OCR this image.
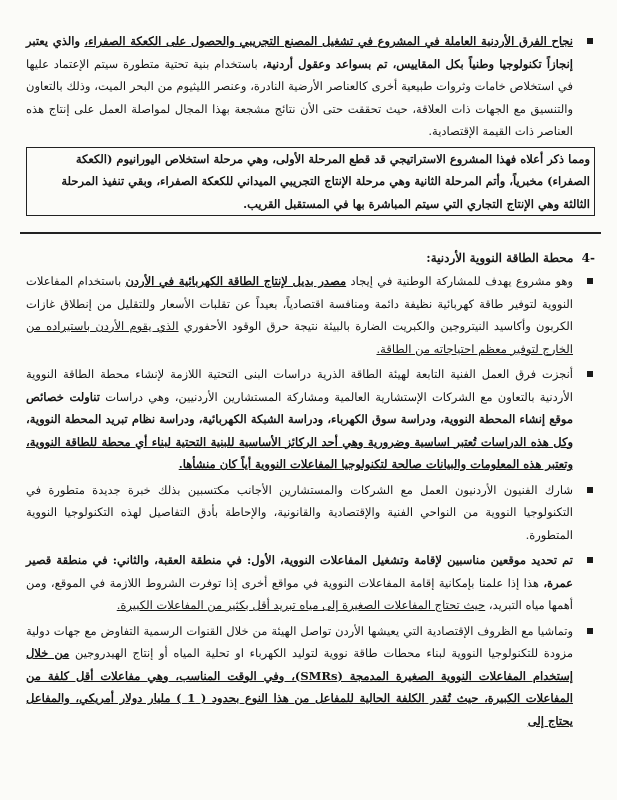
نجاح الفرق الأردنية العاملة في المشروع في تشغيل المصنع التجريبي والحصول على الكعكة الصفراء، والذي يعتبر إنجازاً تكنولوجيا وطنياً بكل المقاييس، تم بسواعد وعقول أردنية، باستخدام بنية تحتية متطورة سيتم الإعتماد عليها في استخلاص خامات وثروات طبيعية أخرى كالعناصر الأرضية النادرة، وعنصر الليثيوم من البحر الميت، وذلك بالتعاون والتنسيق مع الجهات ذات العلاقة، حيث تحققت حتى الأن نتائج مشجعة بهذا المجال لمواصلة العمل على إنتاج هذه العناصر ذات القيمة الإقتصادية.

ومما ذكر أعلاه فهذا المشروع الاستراتيجي قد قطع المرحلة الأولى، وهي مرحلة استخلاص اليورانيوم (الكعكة الصفراء) مخبرياً، وأتم المرحلة الثانية وهي مرحلة الإنتاج التجريبي الميداني للكعكة الصفراء، وبقي تنفيذ المرحلة الثالثة وهي الإنتاج التجاري التي سيتم المباشرة بها في المستقبل القريب.
-4 محطة الطاقة النووية الأردنية:

وهو مشروع يهدف للمشاركة الوطنية في إيجاد مصدر بديل لإنتاج الطاقة الكهربائية في الأردن باستخدام المفاعلات النووية لتوفير طاقة كهربائية نظيفة دائمة ومنافسة اقتصادياً، بعيداً عن تقلبات الأسعار وللتقليل من إنطلاق غازات الكربون وأكاسيد النيتروجين والكبريت الضارة بالبيئة نتيجة حرق الوقود الأحفوري الذي يقوم الأردن باستيراده من الخارج لتوفير معظم احتياجاته من الطاقة.

أنجزت فرق العمل الفنية التابعة لهيئة الطاقة الذرية دراسات البنى التحتية اللازمة لإنشاء محطة الطاقة النووية الأردنية بالتعاون مع الشركات الإستشارية العالمية ومشاركة المستشارين الأردنيين، وهي دراسات تناولت خصائص موقع إنشاء المحطة النووية، ودراسة سوق الكهرباء، ودراسة الشبكة الكهربائية، ودراسة نظام تبريد المحطة النووية، وكل هذه الدراسات تُعتبر اساسية وضرورية وهي أحد الركائز الأساسية للبنية التحتية لبناء أي محطة للطاقة النووية، وتعتبر هذه المعلومات والبيانات صالحة لتكنولوجيا المفاعلات النووية أياً كان منشأها.

شارك الفنيون الأردنيون العمل مع الشركات والمستشارين الأجانب مكتسبين بذلك خبرة جديدة متطورة في التكنولوجيا النووية من النواحي الفنية والإقتصادية والقانونية، والإحاطة بأدق التفاصيل لهذه التكنولوجيا النووية المتطورة.

تم تحديد موقعين مناسبين لإقامة وتشغيل المفاعلات النووية، الأول: في منطقة العقبة، والثاني: في منطقة قصير عمرة، هذا إذا علمنا بإمكانية إقامة المفاعلات النووية في مواقع أخرى إذا توفرت الشروط اللازمة في الموقع، ومن أهمها مياه التبريد، حيث تحتاج المفاعلات الصغيرة إلى مياه تبريد أقل بكثير من المفاعلات الكبيرة.

وتماشيا مع الظروف الإقتصادية التي يعيشها الأردن تواصل الهيئة من خلال القنوات الرسمية التفاوض مع جهات دولية مزودة للتكنولوجيا النووية لبناء محطات طاقة نووية لتوليد الكهرباء او تحلية المياه أو إنتاج الهيدروجين من خلال إستخدام المفاعلات النووية الصغيرة المدمجة (SMRs)، وفي الوقت المناسب، وهي مفاعلات أقل كلفة من المفاعلات الكبيرة، حيث تُقدر الكلفة الحالية للمفاعل من هذا النوع بحدود ( 1 ) مليار دولار أمريكي، والمفاعل يحتاج إلى
